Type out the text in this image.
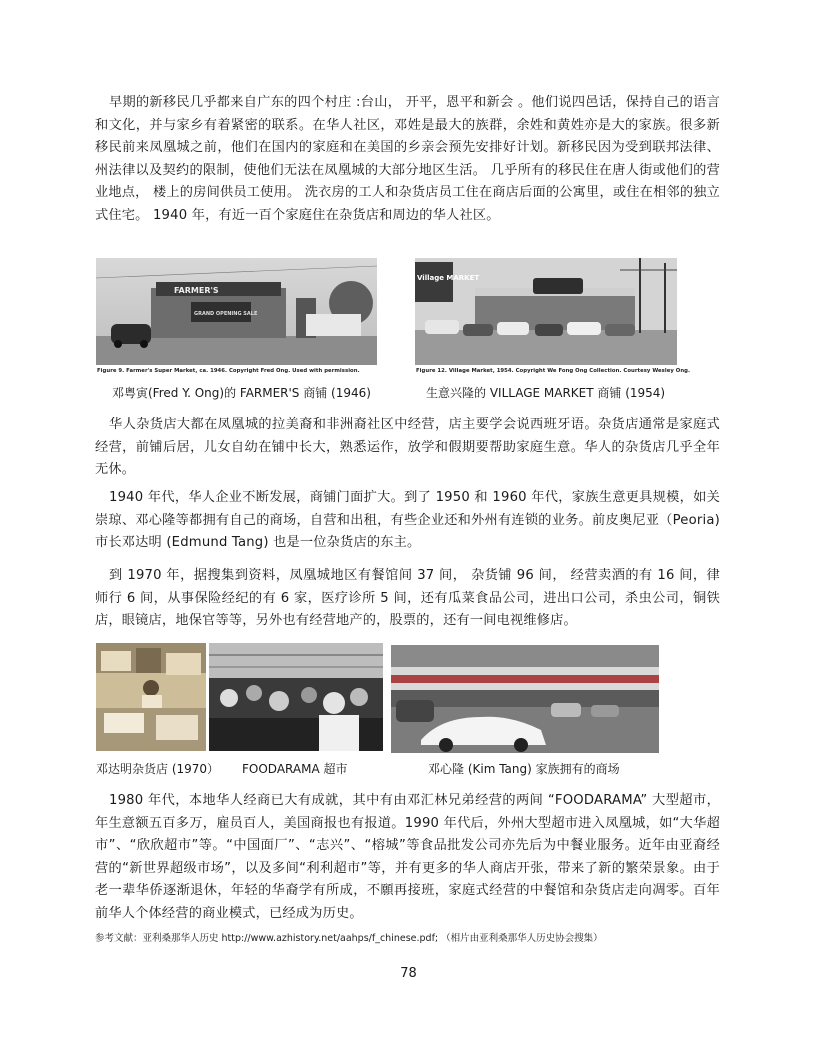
早期的新移民几乎都来自广东的四个村庄 :台山， 开平，恩平和新会 。他们说四邑话，保持自己的语言和文化，并与家乡有着紧密的联系。在华人社区，邓姓是最大的族群，余姓和黄姓亦是大的家族。很多新移民前来凤凰城之前，他们在国内的家庭和在美国的乡亲会预先安排好计划。新移民因为受到联邦法律、州法律以及契约的限制，使他们无法在凤凰城的大部分地区生活。 几乎所有的移民住在唐人街或他们的营业地点， 楼上的房间供员工使用。 洗衣房的工人和杂货店员工住在商店后面的公寓里，或住在相邻的独立式住宅。 1940 年，有近一百个家庭住在杂货店和周边的华人社区。

FARMER'S
GRAND OPENING SALE
Figure 9. Farmer's Super Market, ca. 1946. Copyright Fred Ong. Used with permission.
Village MARKET
Figure 12. Village Market, 1954. Copyright We Fong Ong Collection. Courtesy Wesley Ong.
邓粤寅(Fred Y. Ong)的 FARMER'S 商铺 (1946)	生意兴隆的 VILLAGE MARKET 商铺 (1954)

华人杂货店大都在凤凰城的拉美裔和非洲裔社区中经营，店主要学会说西班牙语。杂货店通常是家庭式经营，前铺后居，儿女自幼在铺中长大，熟悉运作，放学和假期要帮助家庭生意。华人的杂货店几乎全年无休。

1940 年代，华人企业不断发展，商铺门面扩大。到了 1950 和 1960 年代，家族生意更具规模，如关崇琼、邓心隆等都拥有自己的商场，自营和出租，有些企业还和外州有连锁的业务。前皮奥尼亚（Peoria) 市长邓达明 (Edmund Tang) 也是一位杂货店的东主。

到 1970 年，据搜集到资料，凤凰城地区有餐馆间 37 间， 杂货铺 96 间， 经营卖酒的有 16 间，律师行 6 间，从事保险经纪的有 6 家，医疗诊所 5 间，还有瓜菜食品公司，进出口公司，杀虫公司，铜铁店，眼镜店，地保官等等，另外也有经营地产的，股票的，还有一间电视维修店。

邓达明杂货店 (1970） FOODARAMA 超市	邓心隆 (Kim Tang) 家族拥有的商场

1980 年代，本地华人经商已大有成就，其中有由邓汇林兄弟经营的两间 “FOODARAMA” 大型超市，年生意额五百多万，雇员百人，美国商报也有报道。1990 年代后，外州大型超市进入凤凰城，如“大华超市”、“欣欣超市”等。“中国面厂”、“志兴”、“榕城”等食品批发公司亦先后为中餐业服务。近年由亚裔经营的“新世界超级市场”，以及多间“利利超市”等，并有更多的华人商店开张，带来了新的繁荣景象。由于老一辈华侨逐渐退休，年轻的华裔学有所成，不願再接班，家庭式经营的中餐馆和杂货店走向凋零。百年前华人个体经营的商业模式，已经成为历史。

参考文献：亚利桑那华人历史 http://www.azhistory.net/aahps/f_chinese.pdf; （相片由亚利桑那华人历史协会搜集）
78
